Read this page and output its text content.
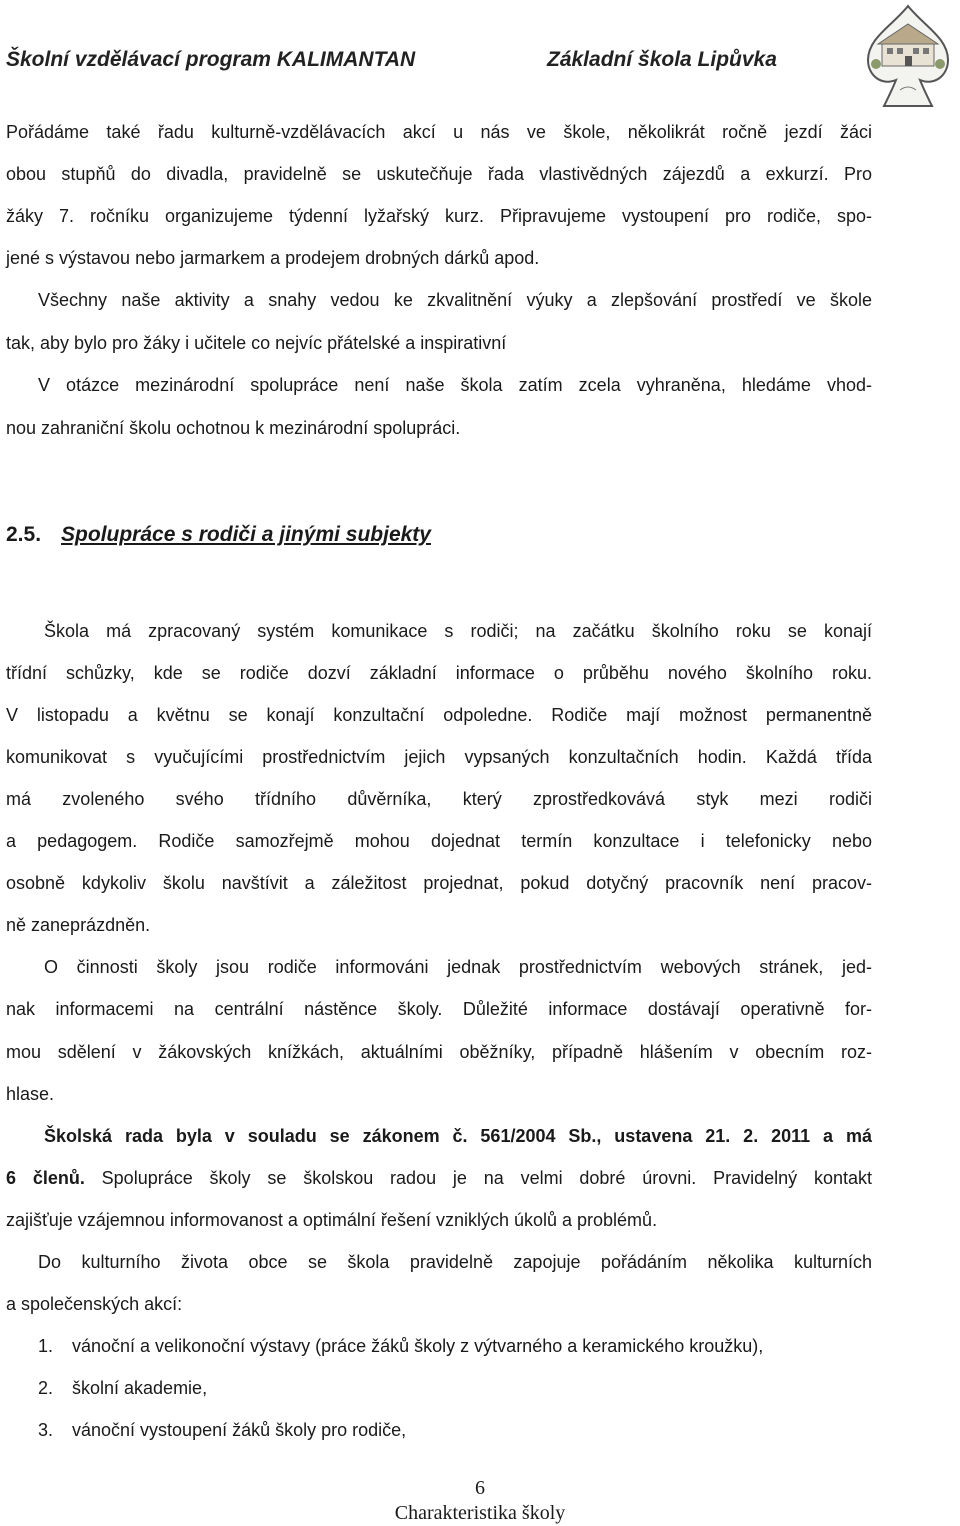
Školní vzdělávací program KALIMANTAN	Základní škola Lipůvka
Pořádáme také řadu kulturně-vzdělávacích akcí u nás ve škole, několikrát ročně jezdí žáci
obou stupňů do divadla, pravidelně se uskutečňuje řada vlastivědných zájezdů a exkurzí. Pro
žáky 7. ročníku organizujeme týdenní lyžařský kurz. Připravujeme vystoupení pro rodiče, spo-
jené s výstavou nebo jarmarkem a prodejem drobných dárků apod.
Všechny naše aktivity a snahy vedou ke zkvalitnění výuky a zlepšování prostředí ve škole
tak, aby bylo pro žáky i učitele co nejvíc přátelské a inspirativní
V otázce mezinárodní spolupráce není naše škola zatím zcela vyhraněna, hledáme vhod-
nou zahraniční školu ochotnou k mezinárodní spolupráci.
2.5. Spolupráce s rodiči a jinými subjekty
Škola má zpracovaný systém komunikace s rodiči; na začátku školního roku se konají
třídní schůzky, kde se rodiče dozví základní informace o průběhu nového školního roku.
V listopadu a květnu se konají konzultační odpoledne. Rodiče mají možnost permanentně
komunikovat s vyučujícími prostřednictvím jejich vypsaných konzultačních hodin. Každá třída
má zvoleného svého třídního důvěrníka, který zprostředkovává styk mezi rodiči
a pedagogem. Rodiče samozřejmě mohou dojednat termín konzultace i telefonicky nebo
osobně kdykoliv školu navštívit a záležitost projednat, pokud dotyčný pracovník není pracov-
ně zaneprázdněn.
O činnosti školy jsou rodiče informováni jednak prostřednictvím webových stránek, jed-
nak informacemi na centrální nástěnce školy. Důležité informace dostávají operativně for-
mou sdělení v žákovských knížkách, aktuálními oběžníky, případně hlášením v obecním roz-
hlase.
Školská rada byla v souladu se zákonem č. 561/2004 Sb., ustavena 21. 2. 2011 a má
6 členů. Spolupráce školy se školskou radou je na velmi dobré úrovni. Pravidelný kontakt
zajišťuje vzájemnou informovanost a optimální řešení vzniklých úkolů a problémů.
Do kulturního života obce se škola pravidelně zapojuje pořádáním několika kulturních
a společenských akcí:
1. vánoční a velikonoční výstavy (práce žáků školy z výtvarného a keramického kroužku),
2. školní akademie,
3. vánoční vystoupení žáků školy pro rodiče,
6
Charakteristika školy
